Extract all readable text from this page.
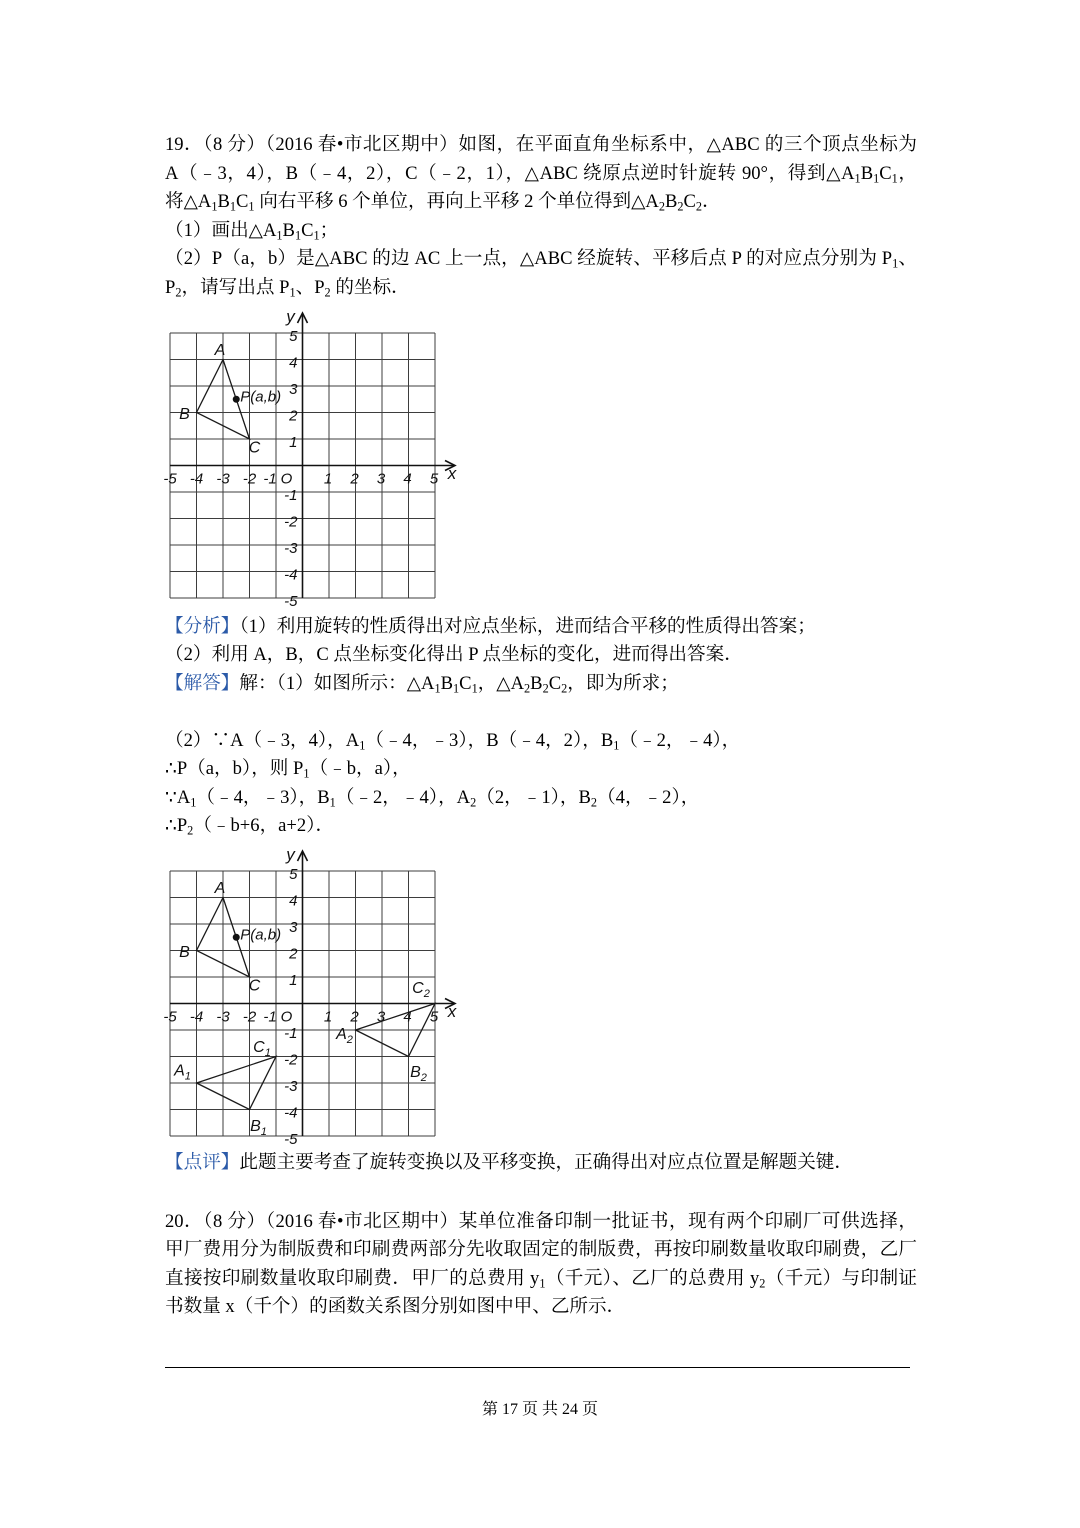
19．（8 分）（2016 春•市北区期中）如图，在平面直角坐标系中，△ABC 的三个顶点坐标为
A（﹣3，4），B（﹣4，2），C（﹣2，1），△ABC 绕原点逆时针旋转 90°，得到$\triangle A_1B_1C_1$，
将$\triangle A_1B_1C_1$ 向右平移 6 个单位，再向上平移 2 个单位得到$\triangle A_2B_2C_2$．
（1）画出$\triangle A_1B_1C_1$；
（2）P（a，b）是△ABC 的边 AC 上一点，△ABC 经旋转、平移后点 P 的对应点分别为 $P_1$、
$P_2$，请写出点 $P_1$、$P_2$ 的坐标．
y
x
O
-5 -4 -3 -2 -1	1 2 3 4 5
5
4
3
2
1
-1
-2
-3
-4
-5
P(a,b)
A
B
C
【分析】（1）利用旋转的性质得出对应点坐标，进而结合平移的性质得出答案；
（2）利用 A，B，C 点坐标变化得出 P 点坐标的变化，进而得出答案．
【解答】解：（1）如图所示：$\triangle A_1B_1C_1$，$\triangle A_2B_2C_2$，即为所求；
（2）∵A（﹣3，4），$A_1(﹣4$，﹣3），B（﹣4，2），$B_1(﹣2$，﹣4），
∴P（a，b），则 $P_1(﹣b$，a），
$\because A_1(﹣4$，﹣3），$B_1(﹣2$，﹣4），$A_2(2$，﹣1），$B_2(4$，﹣2），
$\therefore P_2(﹣b+6$，a+2）．
y
x
O
-5 -4 -3 -2 -1	1 2 3 4 5
5
4
3
2
1
-1
-2
-3
-4
-5
P(a,b)
A
B
C
$A_1$
$B_1$
$C_1$
$A_2$
$B_2$
$C_2$
【点评】此题主要考查了旋转变换以及平移变换，正确得出对应点位置是解题关键．
20．（8 分）（2016 春•市北区期中）某单位准备印制一批证书，现有两个印刷厂可供选择，
甲厂费用分为制版费和印刷费两部分先收取固定的制版费，再按印刷数量收取印刷费，乙厂
直接按印刷数量收取印刷费．甲厂的总费用 $y_1$（千元）、乙厂的总费用 $y_2$（千元）与印制证
书数量 x（千个）的函数关系图分别如图中甲、乙所示．
第 17 页 共 24 页
